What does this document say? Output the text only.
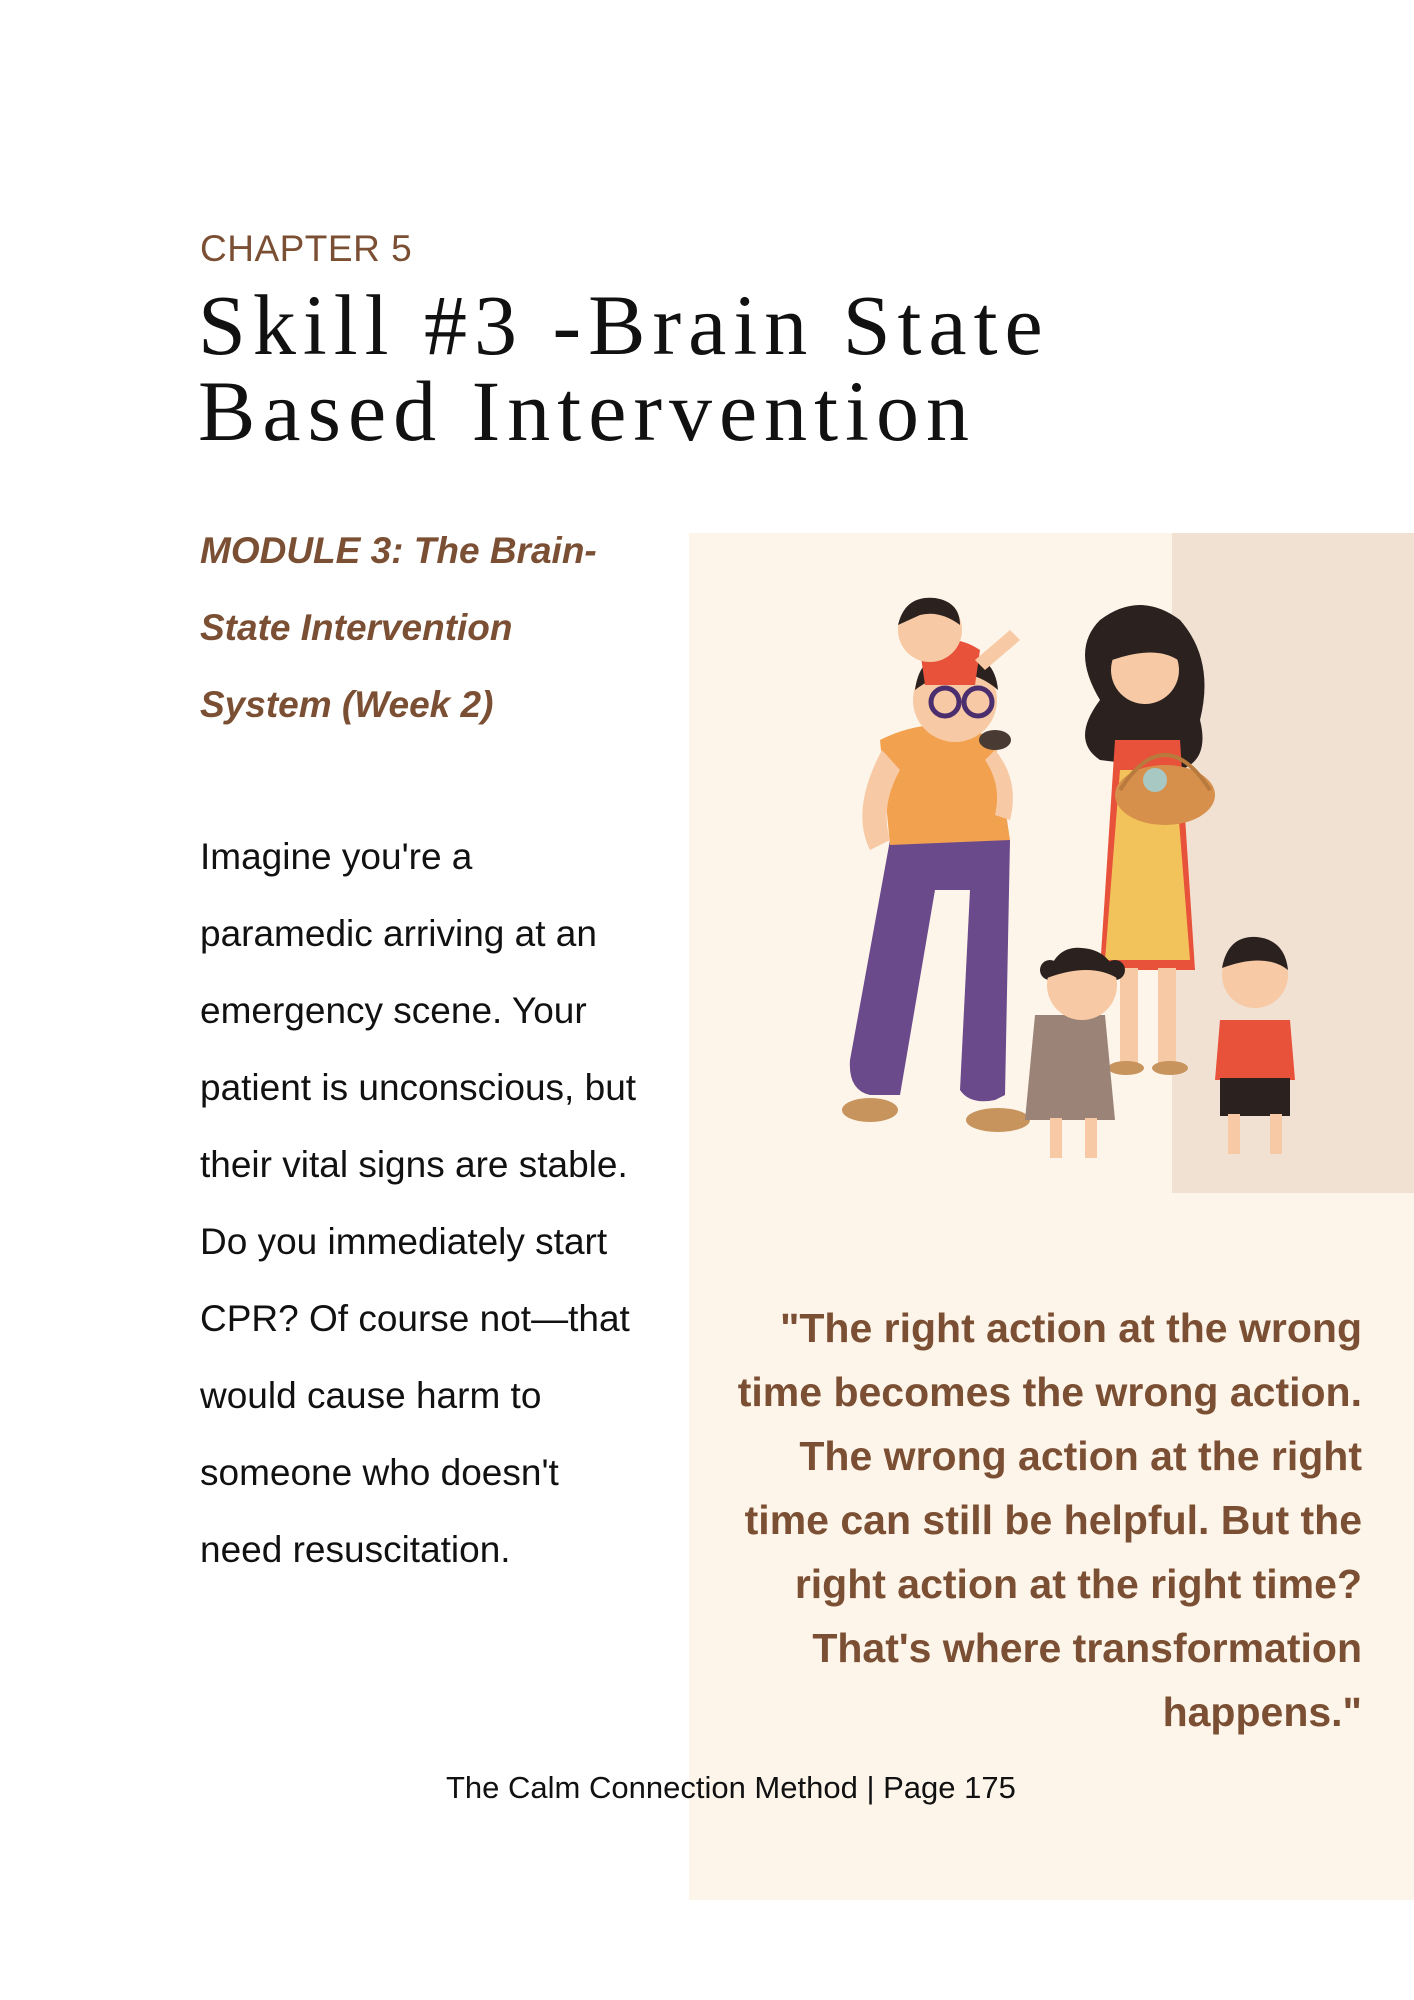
CHAPTER 5
Skill #3 -Brain State
Based Intervention

MODULE 3: The Brain-State Intervention System (Week 2)

Imagine you're a paramedic arriving at an emergency scene. Your patient is unconscious, but their vital signs are stable. Do you immediately start CPR? Of course not—that would cause harm to someone who doesn't need resuscitation.

"The right action at the wrong time becomes the wrong action. The wrong action at the right time can still be helpful. But the right action at the right time? That's where transformation happens."

The Calm Connection Method | Page 175
